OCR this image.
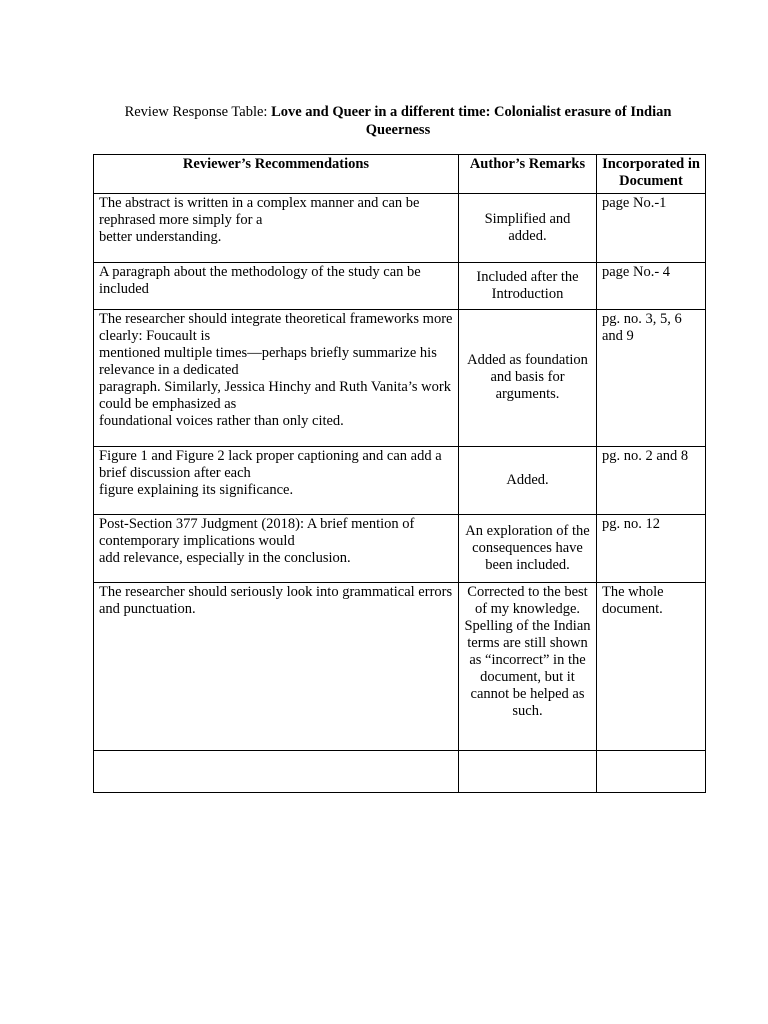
Review Response Table: Love and Queer in a different time: Colonialist erasure of Indian Queerness
Reviewer’s Recommendations	Author’s Remarks	Incorporated in Document

The abstract is written in a complex manner and can be rephrased more simply for a
better understanding.	Simplified and added.	page No.-1

A paragraph about the methodology of the study can be included	Included after the Introduction	page No.- 4

The researcher should integrate theoretical frameworks more clearly: Foucault is
mentioned multiple times—perhaps briefly summarize his relevance in a dedicated
paragraph. Similarly, Jessica Hinchy and Ruth Vanita’s work could be emphasized as
foundational voices rather than only cited.	Added as foundation and basis for arguments.	pg. no. 3, 5, 6 and 9

Figure 1 and Figure 2 lack proper captioning and can add a brief discussion after each
figure explaining its significance.	Added.	pg. no. 2 and 8

Post-Section 377 Judgment (2018): A brief mention of contemporary implications would
add relevance, especially in the conclusion.	An exploration of the consequences have been included.	pg. no. 12

The researcher should seriously look into grammatical errors and punctuation.	Corrected to the best of my knowledge. Spelling of the Indian terms are still shown as “incorrect” in the document, but it cannot be helped as such.	The whole document.
